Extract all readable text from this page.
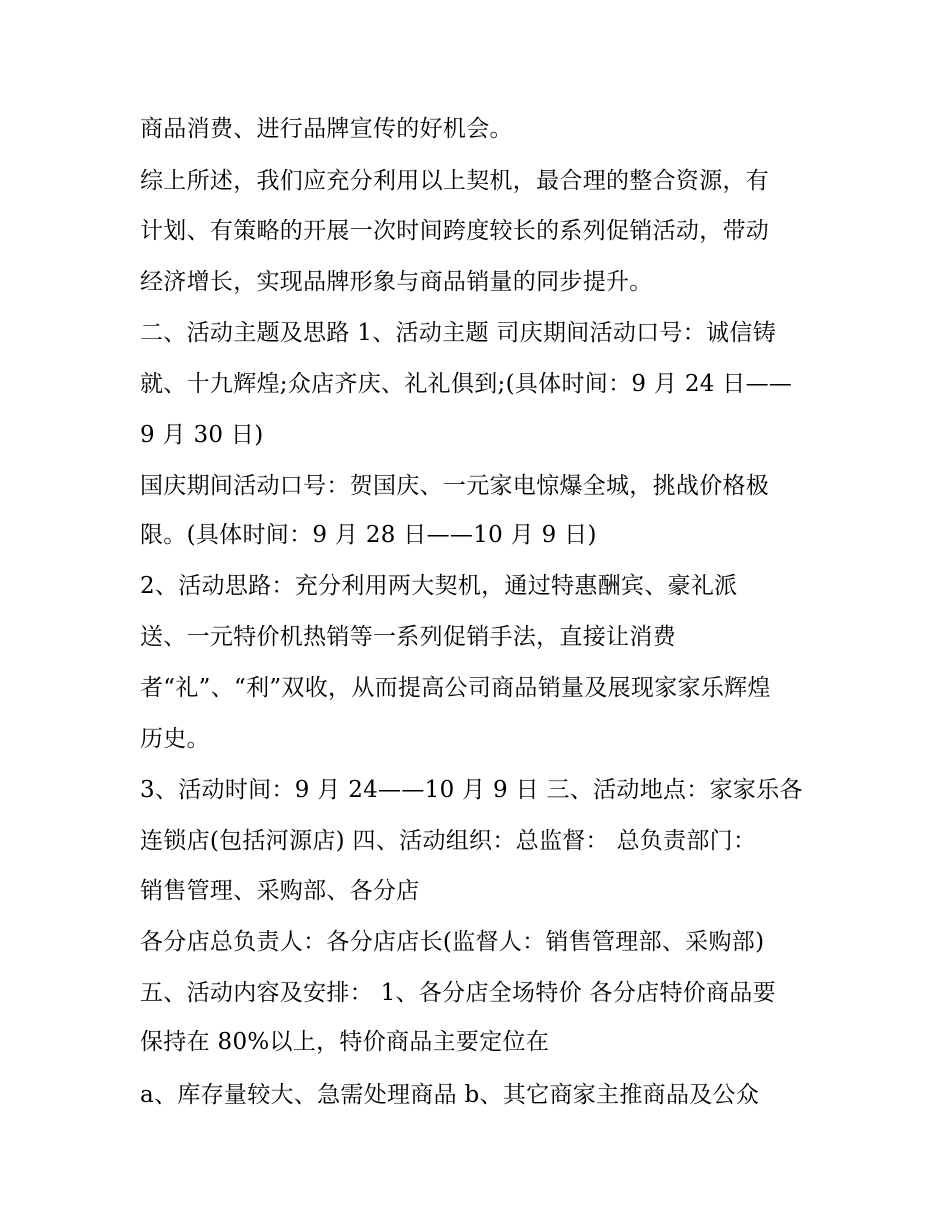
商品消费、进行品牌宣传的好机会。
综上所述，我们应充分利用以上契机，最合理的整合资源，有
计划、有策略的开展一次时间跨度较长的系列促销活动，带动
经济增长，实现品牌形象与商品销量的同步提升。
二、活动主题及思路 1、活动主题 司庆期间活动口号：诚信铸
就、十九辉煌;众店齐庆、礼礼俱到;(具体时间：9 月 24 日——
9 月 30 日)
国庆期间活动口号：贺国庆、一元家电惊爆全城，挑战价格极
限。(具体时间：9 月 28 日——10 月 9 日)
2、活动思路：充分利用两大契机，通过特惠酬宾、豪礼派
送、一元特价机热销等一系列促销手法，直接让消费
者“礼”、“利”双收，从而提高公司商品销量及展现家家乐辉煌
历史。
3、活动时间：9 月 24——10 月 9 日 三、活动地点：家家乐各
连锁店(包括河源店) 四、活动组织：总监督： 总负责部门：
销售管理、采购部、各分店
各分店总负责人：各分店店长(监督人：销售管理部、采购部)
五、活动内容及安排： 1、各分店全场特价 各分店特价商品要
保持在 80%以上，特价商品主要定位在
a、库存量较大、急需处理商品 b、其它商家主推商品及公众
